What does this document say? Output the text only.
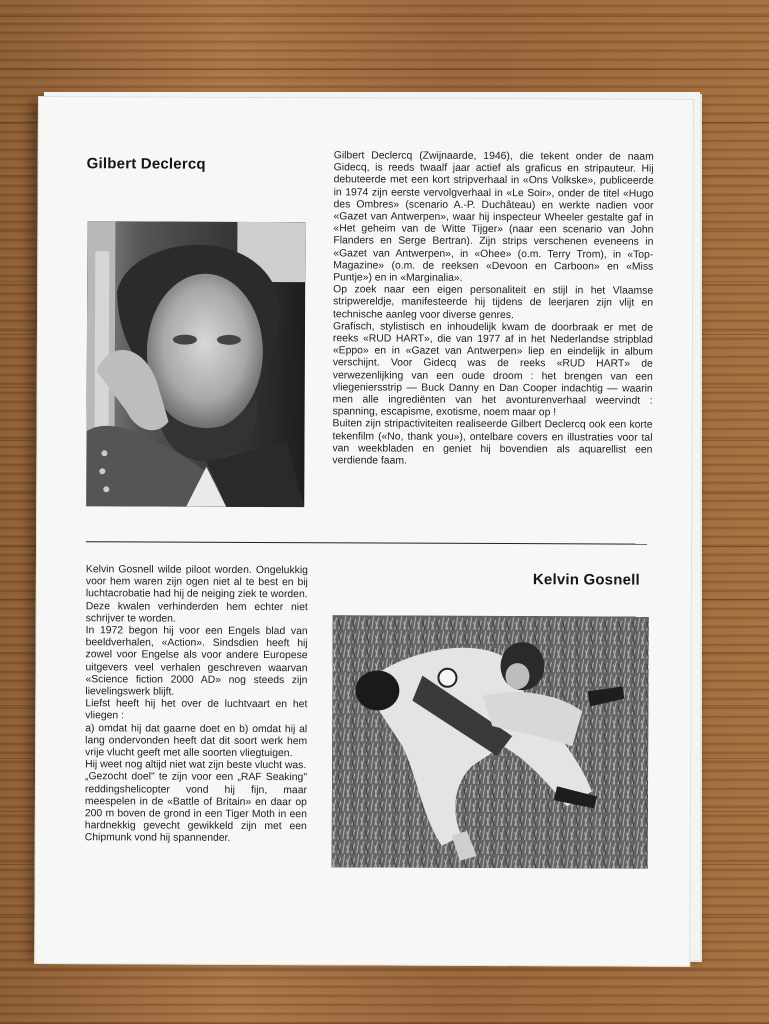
Gilbert Declercq	Gilbert Declercq (Zwijnaarde, 1946), die tekent onder de naam Gidecq, is reeds twaalf jaar actief als graficus en stripauteur. Hij debuteerde met een kort stripverhaal in «Ons Volkske», publiceerde in 1974 zijn eerste vervolgverhaal in «Le Soir», onder de titel «Hugo des Ombres» (scenario A.-P. Duchâteau) en werkte nadien voor «Gazet van Antwerpen», waar hij inspecteur Wheeler gestalte gaf in «Het geheim van de Witte Tijger» (naar een scenario van John Flanders en Serge Bertran). Zijn strips verschenen eveneens in «Gazet van Antwerpen», in «Ohee» (o.m. Terry Trom), in «Top-Magazine» (o.m. de reeksen «Devoon en Carboon» en «Miss Puntje») en in «Marginalia».

Op zoek naar een eigen personaliteit en stijl in het Vlaamse stripwereldje, manifesteerde hij tijdens de leerjaren zijn vlijt en technische aanleg voor diverse genres.

Grafisch, stylistisch en inhoudelijk kwam de doorbraak er met de reeks «RUD HART», die van 1977 af in het Nederlandse stripblad «Eppo» en in «Gazet van Antwerpen» liep en eindelijk in album verschijnt. Voor Gidecq was de reeks «RUD HART» de verwezenlijking van een oude droom : het brengen van een vliegeniersstrip — Buck Danny en Dan Cooper indachtig — waarin men alle ingrediënten van het avonturenverhaal weervindt : spanning, escapisme, exotisme, noem maar op !

Buiten zijn stripactiviteiten realiseerde Gilbert Declercq ook een korte tekenfilm («No, thank you»), ontelbare covers en illustraties voor tal van weekbladen en geniet hij bovendien als aquarellist een verdiende faam.

Kelvin Gosnell wilde piloot worden. Ongelukkig voor hem waren zijn ogen niet al te best en bij luchtacrobatie had hij de neiging ziek te worden.

Deze kwalen verhinderden hem echter niet schrijver te worden.

In 1972 begon hij voor een Engels blad van beeldverhalen, «Action». Sindsdien heeft hij zowel voor Engelse als voor andere Europese uitgevers veel verhalen geschreven waarvan «Science fiction 2000 AD» nog steeds zijn lievelingswerk blijft.

Liefst heeft hij het over de luchtvaart en het vliegen :

a) omdat hij dat gaarne doet en b) omdat hij al lang ondervonden heeft dat dit soort werk hem vrije vlucht geeft met alle soorten vliegtuigen.

Hij weet nog altijd niet wat zijn beste vlucht was.

„Gezocht doel" te zijn voor een „RAF Seaking" reddingshelicopter vond hij fijn, maar meespelen in de «Battle of Britain» en daar op 200 m boven de grond in een Tiger Moth in een hardnekkig gevecht gewikkeld zijn met een Chipmunk vond hij spannender.

Kelvin Gosnell
